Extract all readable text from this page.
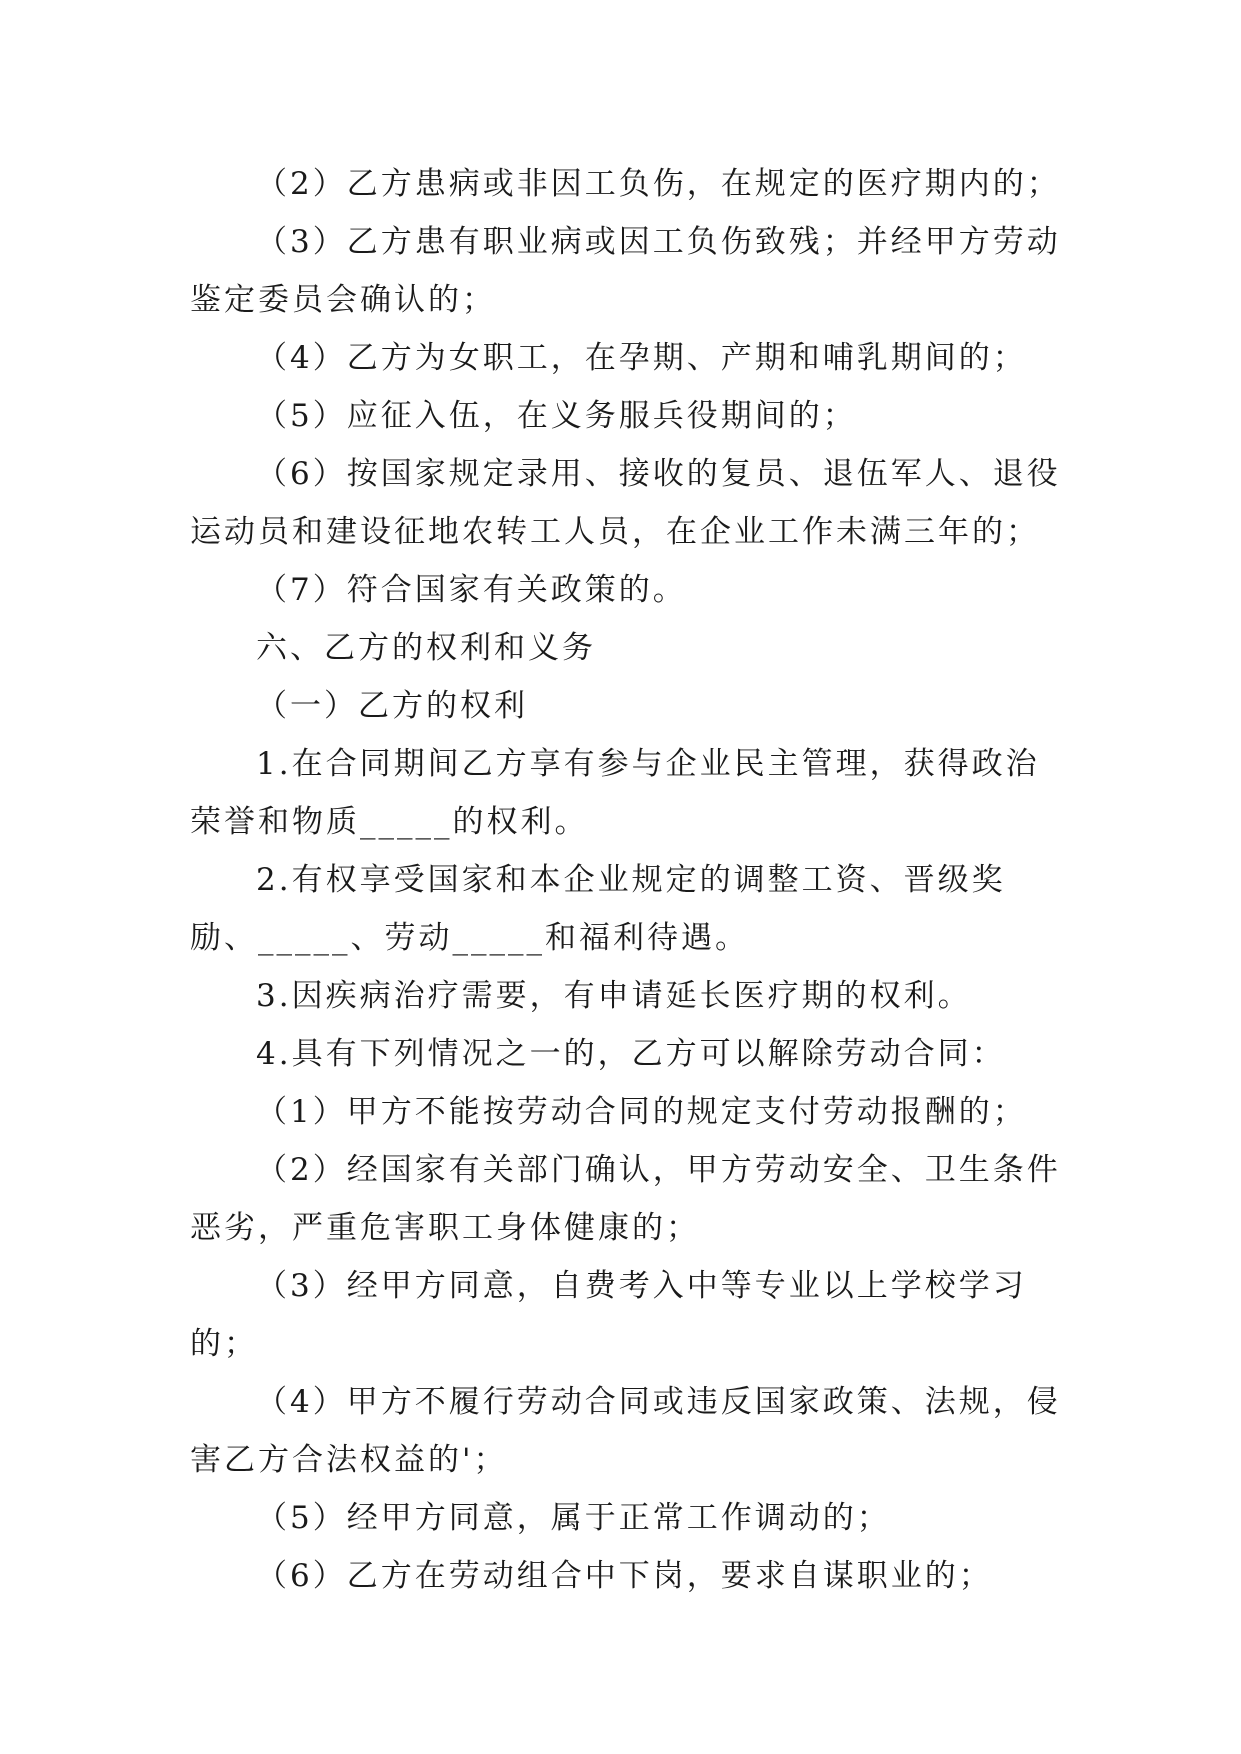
（2）乙方患病或非因工负伤，在规定的医疗期内的；

（3）乙方患有职业病或因工负伤致残；并经甲方劳动鉴定委员会确认的；

（4）乙方为女职工，在孕期、产期和哺乳期间的；

（5）应征入伍，在义务服兵役期间的；

（6）按国家规定录用、接收的复员、退伍军人、退役运动员和建设征地农转工人员，在企业工作未满三年的；

（7）符合国家有关政策的。

六、乙方的权利和义务

（一）乙方的权利

1.在合同期间乙方享有参与企业民主管理，获得政治荣誉和物质_____的权利。

2.有权享受国家和本企业规定的调整工资、晋级奖励、_____、劳动_____和福利待遇。

3.因疾病治疗需要，有申请延长医疗期的权利。

4.具有下列情况之一的，乙方可以解除劳动合同：

（1）甲方不能按劳动合同的规定支付劳动报酬的；

（2）经国家有关部门确认，甲方劳动安全、卫生条件恶劣，严重危害职工身体健康的；

（3）经甲方同意，自费考入中等专业以上学校学习的；

（4）甲方不履行劳动合同或违反国家政策、法规，侵害乙方合法权益的'；

（5）经甲方同意，属于正常工作调动的；

（6）乙方在劳动组合中下岗，要求自谋职业的；
